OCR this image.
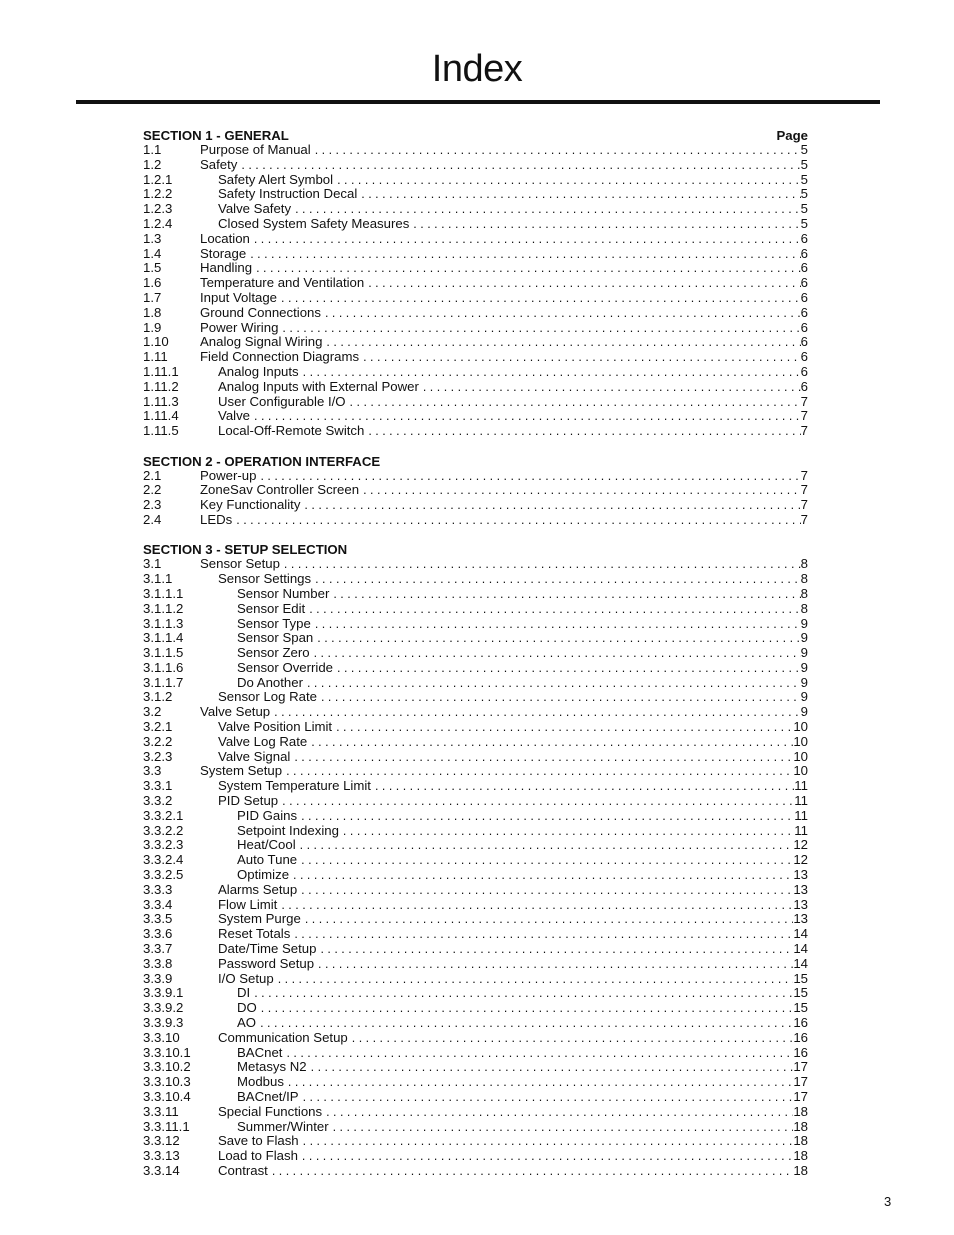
Index
SECTION 1 - GENERAL	Page
1.1	Purpose of Manual . . .	5
1.2	Safety . . .	5
1.2.1	Safety Alert Symbol . . .	5
1.2.2	Safety Instruction Decal . . .	5
1.2.3	Valve Safety . . .	5
1.2.4	Closed System Safety Measures . . .	5
1.3	Location . . .	6
1.4	Storage . . .	6
1.5	Handling . . .	6
1.6	Temperature and Ventilation . . .	6
1.7	Input Voltage . . .	6
1.8	Ground Connections . . .	6
1.9	Power Wiring . . .	6
1.10 Analog Signal Wiring . . .	6
1.11 Field Connection Diagrams . . .	6
1.11.1	Analog Inputs . . .	6
1.11.2	Analog Inputs with External Power . . .	6
1.11.3	User Configurable I/O . . .	7
1.11.4	Valve . . .	7
1.11.5	Local-Off-Remote Switch . . .	7
SECTION 2 - OPERATION INTERFACE
2.1	Power-up . . .	7
2.2	ZoneSav Controller Screen . . .	7
2.3	Key Functionality . . .	7
2.4	LEDs . . .	7
SECTION 3 - SETUP SELECTION
3.1	Sensor Setup . . .	8
3.1.1	Sensor Settings . . .	8
3.1.1.1	Sensor Number . . .	8
3.1.1.2	Sensor Edit . . .	8
3.1.1.3	Sensor Type . . .	9
3.1.1.4	Sensor Span . . .	9
3.1.1.5	Sensor Zero . . .	9
3.1.1.6	Sensor Override . . .	9
3.1.1.7	Do Another . . .	9
3.1.2	Sensor Log Rate . . .	9
3.2	Valve Setup . . .	9
3.2.1	Valve Position Limit . . .	10
3.2.2	Valve Log Rate . . .	10
3.2.3	Valve Signal . . .	10
3.3	System Setup . . .	10
3.3.1	System Temperature Limit . . .	11
3.3.2	PID Setup . . .	11
3.3.2.1	PID Gains . . .	11
3.3.2.2	Setpoint Indexing . . .	11
3.3.2.3	Heat/Cool . . .	12
3.3.2.4	Auto Tune . . .	12
3.3.2.5	Optimize . . .	13
3.3.3	Alarms Setup . . .	13
3.3.4	Flow Limit . . .	13
3.3.5	System Purge . . .	13
3.3.6	Reset Totals . . .	14
3.3.7	Date/Time Setup . . .	14
3.3.8	Password Setup . . .	14
3.3.9	I/O Setup . . .	15
3.3.9.1	DI . . .	15
3.3.9.2	DO . . .	15
3.3.9.3	AO . . .	16
3.3.10	Communication Setup . . .	16
3.3.10.1	BACnet . . .	16
3.3.10.2	Metasys N2 . . .	17
3.3.10.3	Modbus . . .	17
3.3.10.4	BACnet/IP . . .	17
3.3.11	Special Functions . . .	18
3.3.11.1	Summer/Winter . . .	18
3.3.12	Save to Flash . . .	18
3.3.13	Load to Flash . . .	18
3.3.14	Contrast . . .	18
3
